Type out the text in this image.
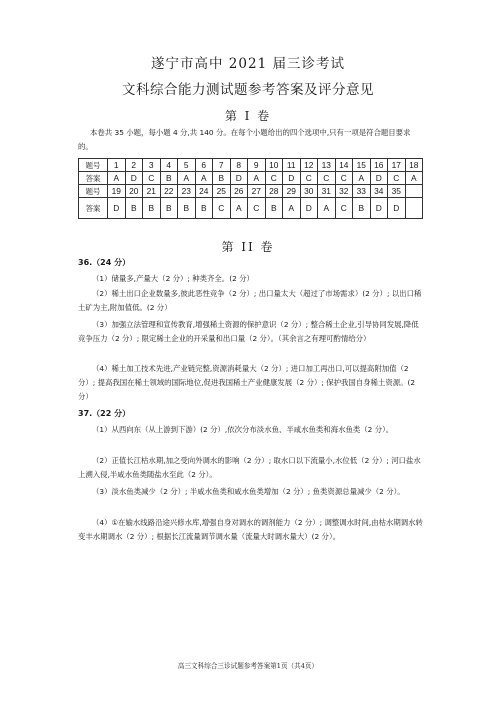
遂宁市高中 2021 届三诊考试
文科综合能力测试题参考答案及评分意见
第 I 卷
本卷共 35 小题，每小题 4 分,共 140 分。在每个小题给出的四个选项中,只有一项是符合题目要求的。
题号	1	2	3	4	5	6	7	8	9	10	11	12	13	14	15	16	17	18
答案	A	D	C	B	A	A	B	D	A	C	D	C	C	C	A	D	C	A
题号	19	20	21	22	23	24	25	26	27	28	29	30	31	32	33	34	35	
答案	D	B	B	B	B	B	C	A	C	B	A	D	A	C	B	D	D	
第 II 卷
36.（24 分）
（1）储量多,产量大（2 分）; 种类齐全。(2 分）
（2）稀土出口企业数量多,彼此恶性竞争（2 分）; 出口量太大（超过了市场需求）(2 分）; 以出口稀土矿为主,附加值低。(2 分）
（3）加强立法管理和宣传教育,增强稀土资源的保护意识（2 分）; 整合稀土企业,引导协同发展,降低竞争压力（2 分）; 限定稀土企业的开采量和出口量（2 分）。（其余言之有理可酌情给分）
（4）稀土加工技术先进,产业链完整,资源消耗量大（2 分）; 进口加工再出口,可以提高附加值（2 分）; 提高我国在稀土领域的国际地位,促进我国稀土产业健康发展（2 分）; 保护我国自身稀土资源。(2 分）
37.（22 分）
（1）从西向东（从上游到下游）(2 分）,依次分布淡水鱼、半咸水鱼类和海水鱼类（2 分）。
（2）正值长江枯水期,加之受向外调水的影响（2 分）; 取水口以下流量小,水位低（2 分）; 河口盐水上溯入侵,半咸水鱼类随盐水至此（2 分）。
（3）淡水鱼类减少（2 分）; 半咸水鱼类和咸水鱼类增加（2 分）; 鱼类资源总量减少（2 分）。
（4）①在输水线路沿途兴修水库,增强自身对调水的调剂能力（2 分）; 调整调水时间,由枯水期调水转变丰水期调水（2 分）; 根据长江流量调节调水量（流量大时调水量大）(2 分）。
高三文科综合三诊试题参考答案第1页（共4页）
